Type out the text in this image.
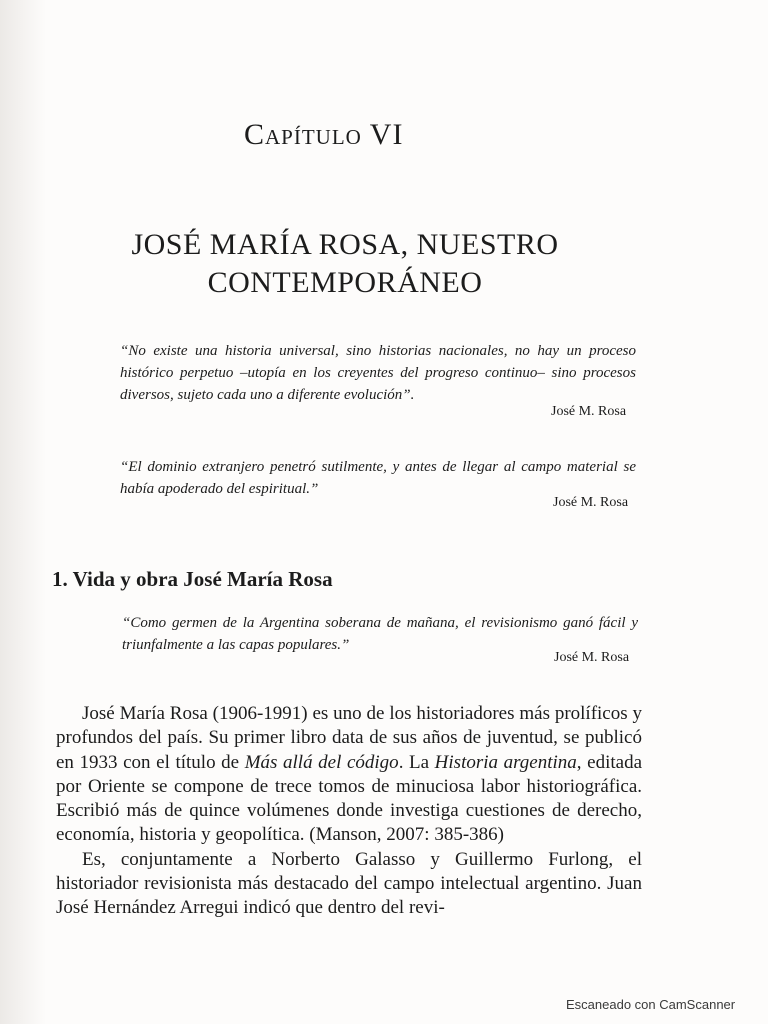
Capítulo VI
JOSÉ MARÍA ROSA, NUESTRO
CONTEMPORÁNEO

“No existe una historia universal, sino historias nacionales, no hay un proceso histórico perpetuo –utopía en los creyentes del progreso continuo– sino procesos diversos, sujeto cada uno a diferente evolución”.

José M. Rosa

“El dominio extranjero penetró sutilmente, y antes de llegar al campo material se había apoderado del espiritual.”

José M. Rosa
1. Vida y obra José María Rosa

“Como germen de la Argentina soberana de mañana, el revisionismo ganó fácil y triunfalmente a las capas populares.”

José M. Rosa

José María Rosa (1906-1991) es uno de los historiadores más prolíficos y profundos del país. Su primer libro data de sus años de juventud, se publicó en 1933 con el título de Más allá del código. La Historia argentina, editada por Oriente se compone de trece tomos de minuciosa labor historiográfica. Escribió más de quince volúmenes donde investiga cuestiones de derecho, economía, historia y geopolítica. (Manson, 2007: 385-386)

Es, conjuntamente a Norberto Galasso y Guillermo Furlong, el historiador revisionista más destacado del campo intelectual argentino. Juan José Hernández Arregui indicó que dentro del revi-

Escaneado con CamScanner
